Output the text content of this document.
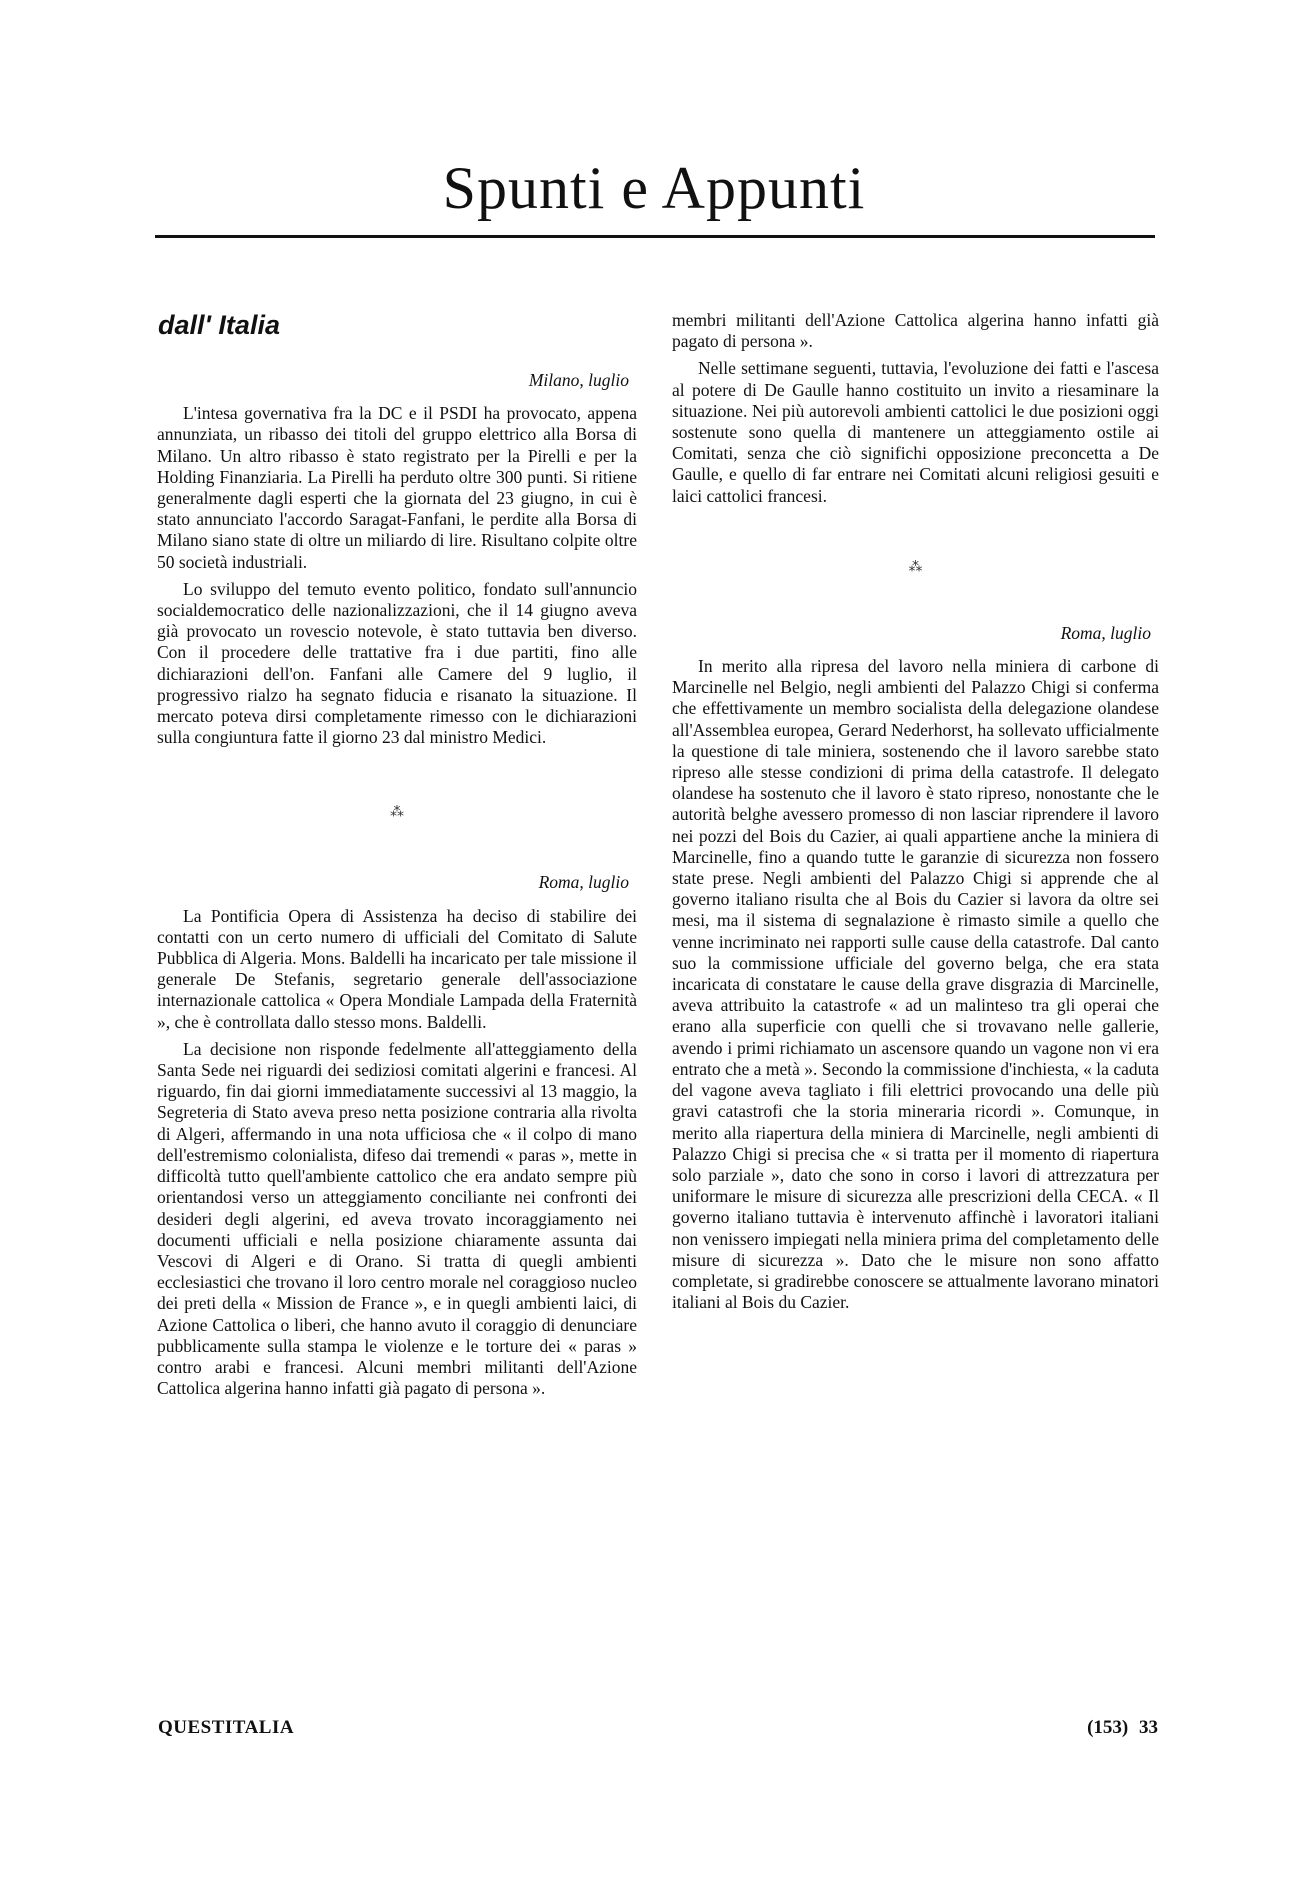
Spunti e Appunti
dall' Italia
Milano, luglio

L'intesa governativa fra la DC e il PSDI ha provocato, appena annunziata, un ribasso dei titoli del gruppo elettrico alla Borsa di Milano. Un altro ribasso è stato registrato per la Pirelli e per la Holding Finanziaria. La Pirelli ha perduto oltre 300 punti. Si ritiene generalmente dagli esperti che la giornata del 23 giugno, in cui è stato annunciato l'accordo Saragat-Fanfani, le perdite alla Borsa di Milano siano state di oltre un miliardo di lire. Risultano colpite oltre 50 società industriali.

Lo sviluppo del temuto evento politico, fondato sull'annuncio socialdemocratico delle nazionalizzazioni, che il 14 giugno aveva già provocato un rovescio notevole, è stato tuttavia ben diverso. Con il procedere delle trattative fra i due partiti, fino alle dichiarazioni dell'on. Fanfani alle Camere del 9 luglio, il progressivo rialzo ha segnato fiducia e risanato la situazione. Il mercato poteva dirsi completamente rimesso con le dichiarazioni sulla congiuntura fatte il giorno 23 dal ministro Medici.

⁂
Roma, luglio

La Pontificia Opera di Assistenza ha deciso di stabilire dei contatti con un certo numero di ufficiali del Comitato di Salute Pubblica di Algeria. Mons. Baldelli ha incaricato per tale missione il generale De Stefanis, segretario generale dell'associazione internazionale cattolica « Opera Mondiale Lampada della Fraternità », che è controllata dallo stesso mons. Baldelli.

La decisione non risponde fedelmente all'atteggiamento della Santa Sede nei riguardi dei sediziosi comitati algerini e francesi. Al riguardo, fin dai giorni immediatamente successivi al 13 maggio, la Segreteria di Stato aveva preso netta posizione contraria alla rivolta di Algeri, affermando in una nota ufficiosa che « il colpo di mano dell'estremismo colonialista, difeso dai tremendi « paras », mette in difficoltà tutto quell'ambiente cattolico che era andato sempre più orientandosi verso un atteggiamento conciliante nei confronti dei desideri degli algerini, ed aveva trovato incoraggiamento nei documenti ufficiali e nella posizione chiaramente assunta dai Vescovi di Algeri e di Orano. Si tratta di quegli ambienti ecclesiastici che trovano il loro centro morale nel coraggioso nucleo dei preti della « Mission de France », e in quegli ambienti laici, di Azione Cattolica o liberi, che hanno avuto il coraggio di denunciare pubblicamente sulla stampa le violenze e le torture dei « paras » contro arabi e francesi. Alcuni membri militanti dell'Azione Cattolica algerina hanno infatti già pagato di persona ».

membri militanti dell'Azione Cattolica algerina hanno infatti già pagato di persona ».

Nelle settimane seguenti, tuttavia, l'evoluzione dei fatti e l'ascesa al potere di De Gaulle hanno costituito un invito a riesaminare la situazione. Nei più autorevoli ambienti cattolici le due posizioni oggi sostenute sono quella di mantenere un atteggiamento ostile ai Comitati, senza che ciò significhi opposizione preconcetta a De Gaulle, e quello di far entrare nei Comitati alcuni religiosi gesuiti e laici cattolici francesi.

⁂
Roma, luglio

In merito alla ripresa del lavoro nella miniera di carbone di Marcinelle nel Belgio, negli ambienti del Palazzo Chigi si conferma che effettivamente un membro socialista della delegazione olandese all'Assemblea europea, Gerard Nederhorst, ha sollevato ufficialmente la questione di tale miniera, sostenendo che il lavoro sarebbe stato ripreso alle stesse condizioni di prima della catastrofe. Il delegato olandese ha sostenuto che il lavoro è stato ripreso, nonostante che le autorità belghe avessero promesso di non lasciar riprendere il lavoro nei pozzi del Bois du Cazier, ai quali appartiene anche la miniera di Marcinelle, fino a quando tutte le garanzie di sicurezza non fossero state prese. Negli ambienti del Palazzo Chigi si apprende che al governo italiano risulta che al Bois du Cazier si lavora da oltre sei mesi, ma il sistema di segnalazione è rimasto simile a quello che venne incriminato nei rapporti sulle cause della catastrofe. Dal canto suo la commissione ufficiale del governo belga, che era stata incaricata di constatare le cause della grave disgrazia di Marcinelle, aveva attribuito la catastrofe « ad un malinteso tra gli operai che erano alla superficie con quelli che si trovavano nelle gallerie, avendo i primi richiamato un ascensore quando un vagone non vi era entrato che a metà ». Secondo la commissione d'inchiesta, « la caduta del vagone aveva tagliato i fili elettrici provocando una delle più gravi catastrofi che la storia mineraria ricordi ». Comunque, in merito alla riapertura della miniera di Marcinelle, negli ambienti di Palazzo Chigi si precisa che « si tratta per il momento di riapertura solo parziale », dato che sono in corso i lavori di attrezzatura per uniformare le misure di sicurezza alle prescrizioni della CECA. « Il governo italiano tuttavia è intervenuto affinchè i lavoratori italiani non venissero impiegati nella miniera prima del completamento delle misure di sicurezza ». Dato che le misure non sono affatto completate, si gradirebbe conoscere se attualmente lavorano minatori italiani al Bois du Cazier.

QUESTITALIA	(153) 33
